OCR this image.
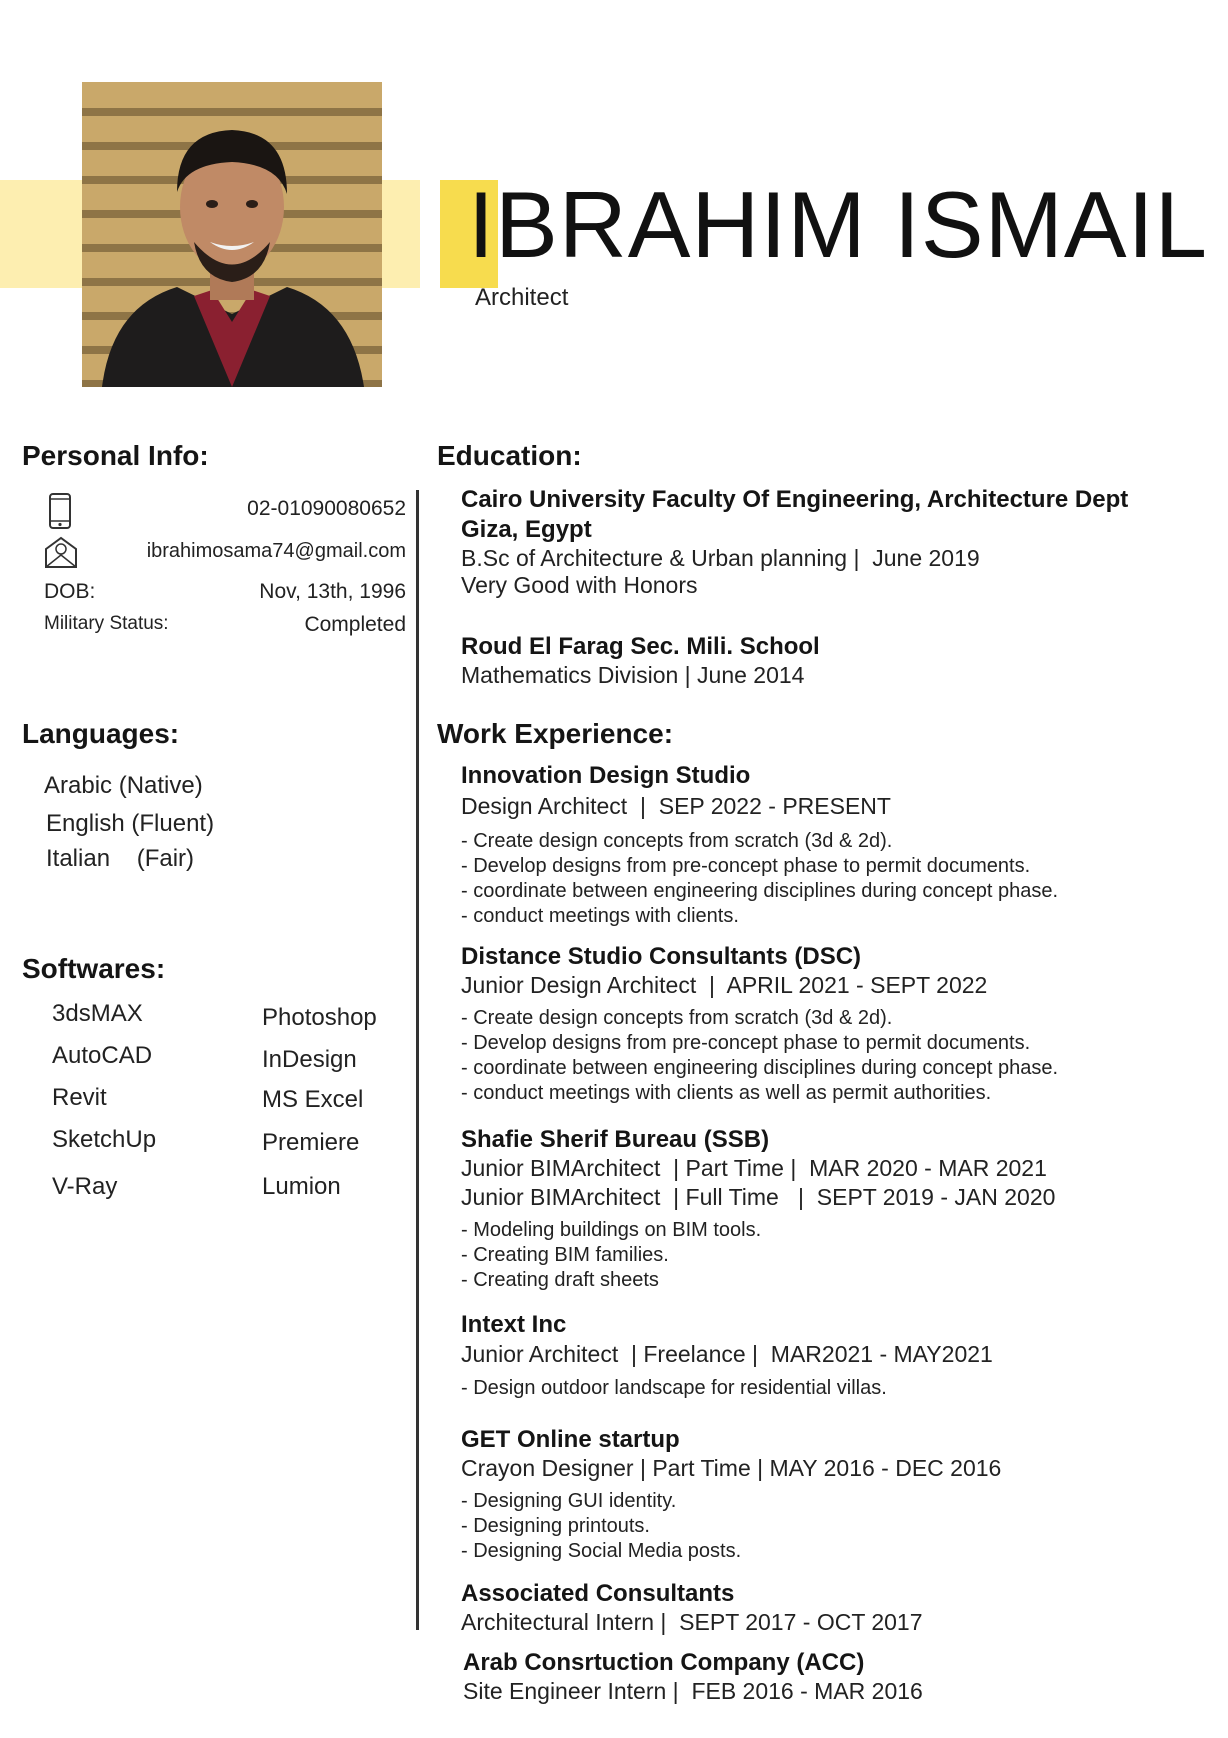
IBRAHIM ISMAIL
Architect
Personal Info:
02-01090080652
ibrahimosama74@gmail.com
DOB:	Nov, 13th, 1996
Military Status:	Completed
Languages:
Arabic (Native)
English (Fluent)
Italian    (Fair)
Softwares:
3dsMAX
AutoCAD
Revit
SketchUp
V-Ray
Photoshop
InDesign
MS Excel
Premiere
Lumion
Education:
Cairo University Faculty Of Engineering, Architecture Dept
Giza, Egypt
B.Sc of Architecture & Urban planning |  June 2019
Very Good with Honors
Roud El Farag Sec. Mili. School
Mathematics Division | June 2014
Work Experience:
Innovation Design Studio
Design Architect  |  SEP 2022 - PRESENT
- Create design concepts from scratch (3d & 2d).
- Develop designs from pre-concept phase to permit documents.
- coordinate between engineering disciplines during concept phase.
- conduct meetings with clients.
Distance Studio Consultants (DSC)
Junior Design Architect  |  APRIL 2021 - SEPT 2022
- Create design concepts from scratch (3d & 2d).
- Develop designs from pre-concept phase to permit documents.
- coordinate between engineering disciplines during concept phase.
- conduct meetings with clients as well as permit authorities.
Shafie Sherif Bureau (SSB)
Junior BIMArchitect  | Part Time |  MAR 2020 - MAR 2021
Junior BIMArchitect  | Full Time   |  SEPT 2019 - JAN 2020
- Modeling buildings on BIM tools.
- Creating BIM families.
- Creating draft sheets
Intext Inc
Junior Architect  | Freelance |  MAR2021 - MAY2021
- Design outdoor landscape for residential villas.
GET Online startup
Crayon Designer | Part Time | MAY 2016 - DEC 2016
- Designing GUI identity.
- Designing printouts.
- Designing Social Media posts.
Associated Consultants
Architectural Intern |  SEPT 2017 - OCT 2017
Arab Consrtuction Company (ACC)
Site Engineer Intern |  FEB 2016 - MAR 2016
